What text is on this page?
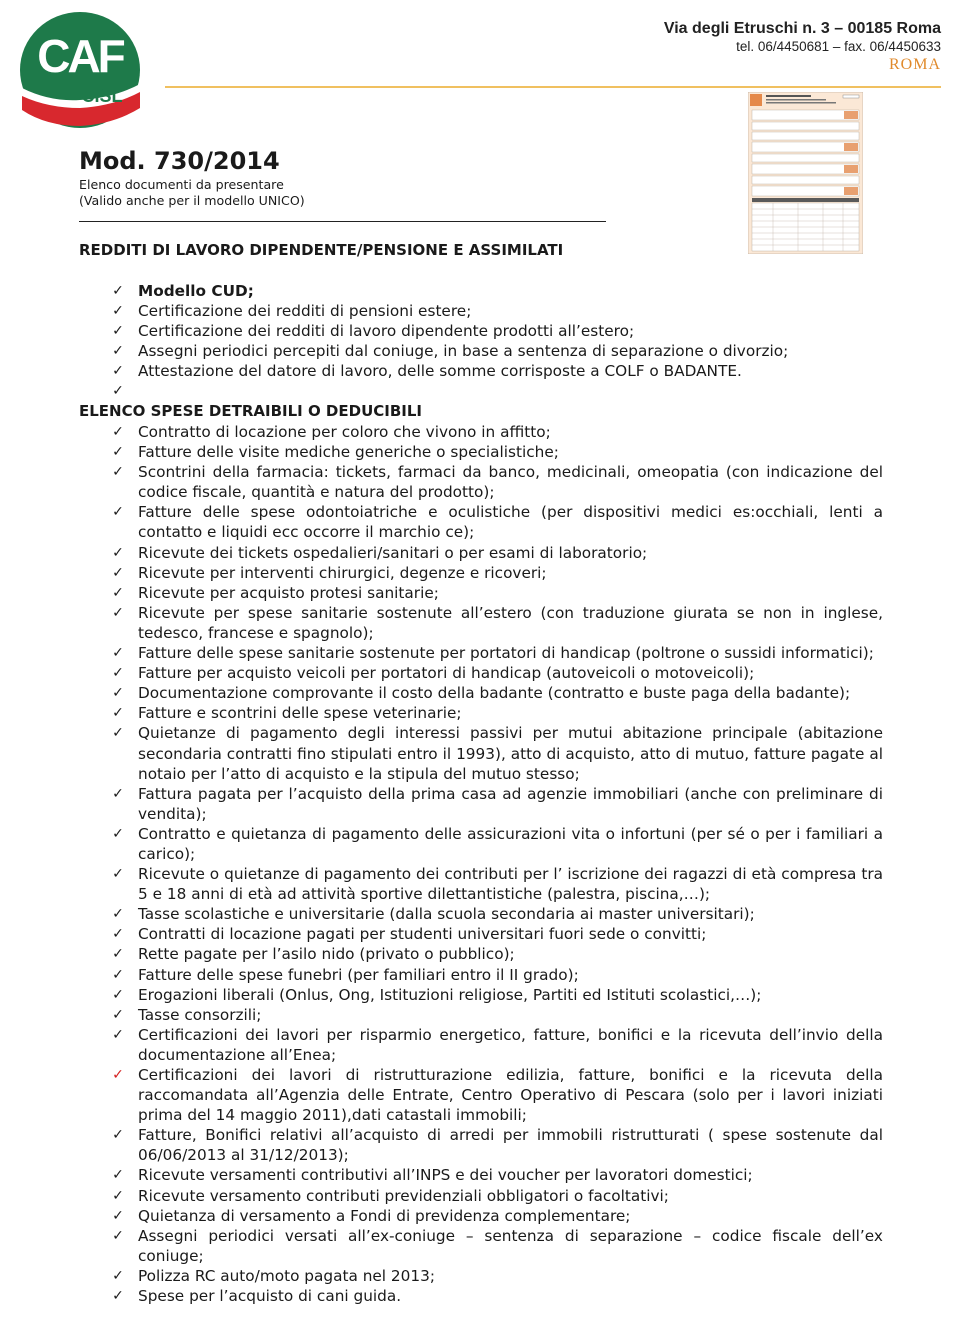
CAF
CISL
Via degli Etruschi n. 3 – 00185 Roma
tel. 06/4450681 – fax. 06/4450633
ROMA
Mod. 730/2014
Elenco documenti da presentare
(Valido anche per il modello UNICO)
REDDITI DI LAVORO DIPENDENTE/PENSIONE E ASSIMILATI
✓ Modello CUD;
✓ Certificazione dei redditi di pensioni estere;
✓ Certificazione dei redditi di lavoro dipendente prodotti all’estero;
✓ Assegni periodici percepiti dal coniuge, in base a sentenza di separazione o divorzio;
✓ Attestazione del datore di lavoro, delle somme corrisposte a COLF o BADANTE.
✓

ELENCO SPESE DETRAIBILI O DEDUCIBILI
✓ Contratto di locazione per coloro che vivono in affitto;
✓ Fatture delle visite mediche generiche o specialistiche;
✓ Scontrini della farmacia: tickets, farmaci da banco, medicinali, omeopatia (con indicazione del codice fiscale, quantità e natura del prodotto);
✓ Fatture delle spese odontoiatriche e oculistiche (per dispositivi medici es:occhiali, lenti a contatto e liquidi ecc occorre il marchio ce);
✓ Ricevute dei tickets ospedalieri/sanitari o per esami di laboratorio;
✓ Ricevute per interventi chirurgici, degenze e ricoveri;
✓ Ricevute per acquisto protesi sanitarie;
✓ Ricevute per spese sanitarie sostenute all’estero (con traduzione giurata se non in inglese, tedesco, francese e spagnolo);
✓ Fatture delle spese sanitarie sostenute per portatori di handicap (poltrone o sussidi informatici);
✓ Fatture per acquisto veicoli per portatori di handicap (autoveicoli o motoveicoli);
✓ Documentazione comprovante il costo della badante (contratto e buste paga della badante);
✓ Fatture e scontrini delle spese veterinarie;
✓ Quietanze di pagamento degli interessi passivi per mutui abitazione principale (abitazione secondaria contratti fino stipulati entro il 1993), atto di acquisto, atto di mutuo, fatture pagate al notaio per l’atto di acquisto e la stipula del mutuo stesso;
✓ Fattura pagata per l’acquisto della prima casa ad agenzie immobiliari (anche con preliminare di vendita);
✓ Contratto e quietanza di pagamento delle assicurazioni vita o infortuni (per sé o per i familiari a carico);
✓ Ricevute o quietanze di pagamento dei contributi per l’ iscrizione dei ragazzi di età compresa tra 5 e 18 anni di età ad attività sportive dilettantistiche (palestra, piscina,…);
✓ Tasse scolastiche e universitarie (dalla scuola secondaria ai master universitari);
✓ Contratti di locazione pagati per studenti universitari fuori sede o convitti;
✓ Rette pagate per l’asilo nido (privato o pubblico);
✓ Fatture delle spese funebri (per familiari entro il II grado);
✓ Erogazioni liberali (Onlus, Ong, Istituzioni religiose, Partiti ed Istituti scolastici,…);
✓ Tasse consorzili;
✓ Certificazioni dei lavori per risparmio energetico, fatture, bonifici e la ricevuta dell’invio della documentazione all’Enea;
✓ Certificazioni dei lavori di ristrutturazione edilizia, fatture, bonifici e la ricevuta della raccomandata all’Agenzia delle Entrate, Centro Operativo di Pescara (solo per i lavori iniziati prima del 14 maggio 2011),dati catastali immobili;
✓ Fatture, Bonifici relativi all’acquisto di arredi per immobili ristrutturati ( spese sostenute dal 06/06/2013 al 31/12/2013);
✓ Ricevute versamenti contributivi all’INPS e dei voucher per lavoratori domestici;
✓ Ricevute versamento contributi previdenziali obbligatori o facoltativi;
✓ Quietanza di versamento a Fondi di previdenza complementare;
✓ Assegni periodici versati all’ex-coniuge – sentenza di separazione – codice fiscale dell’ex coniuge;
✓ Polizza RC auto/moto pagata nel 2013;
✓ Spese per l’acquisto di cani guida.
